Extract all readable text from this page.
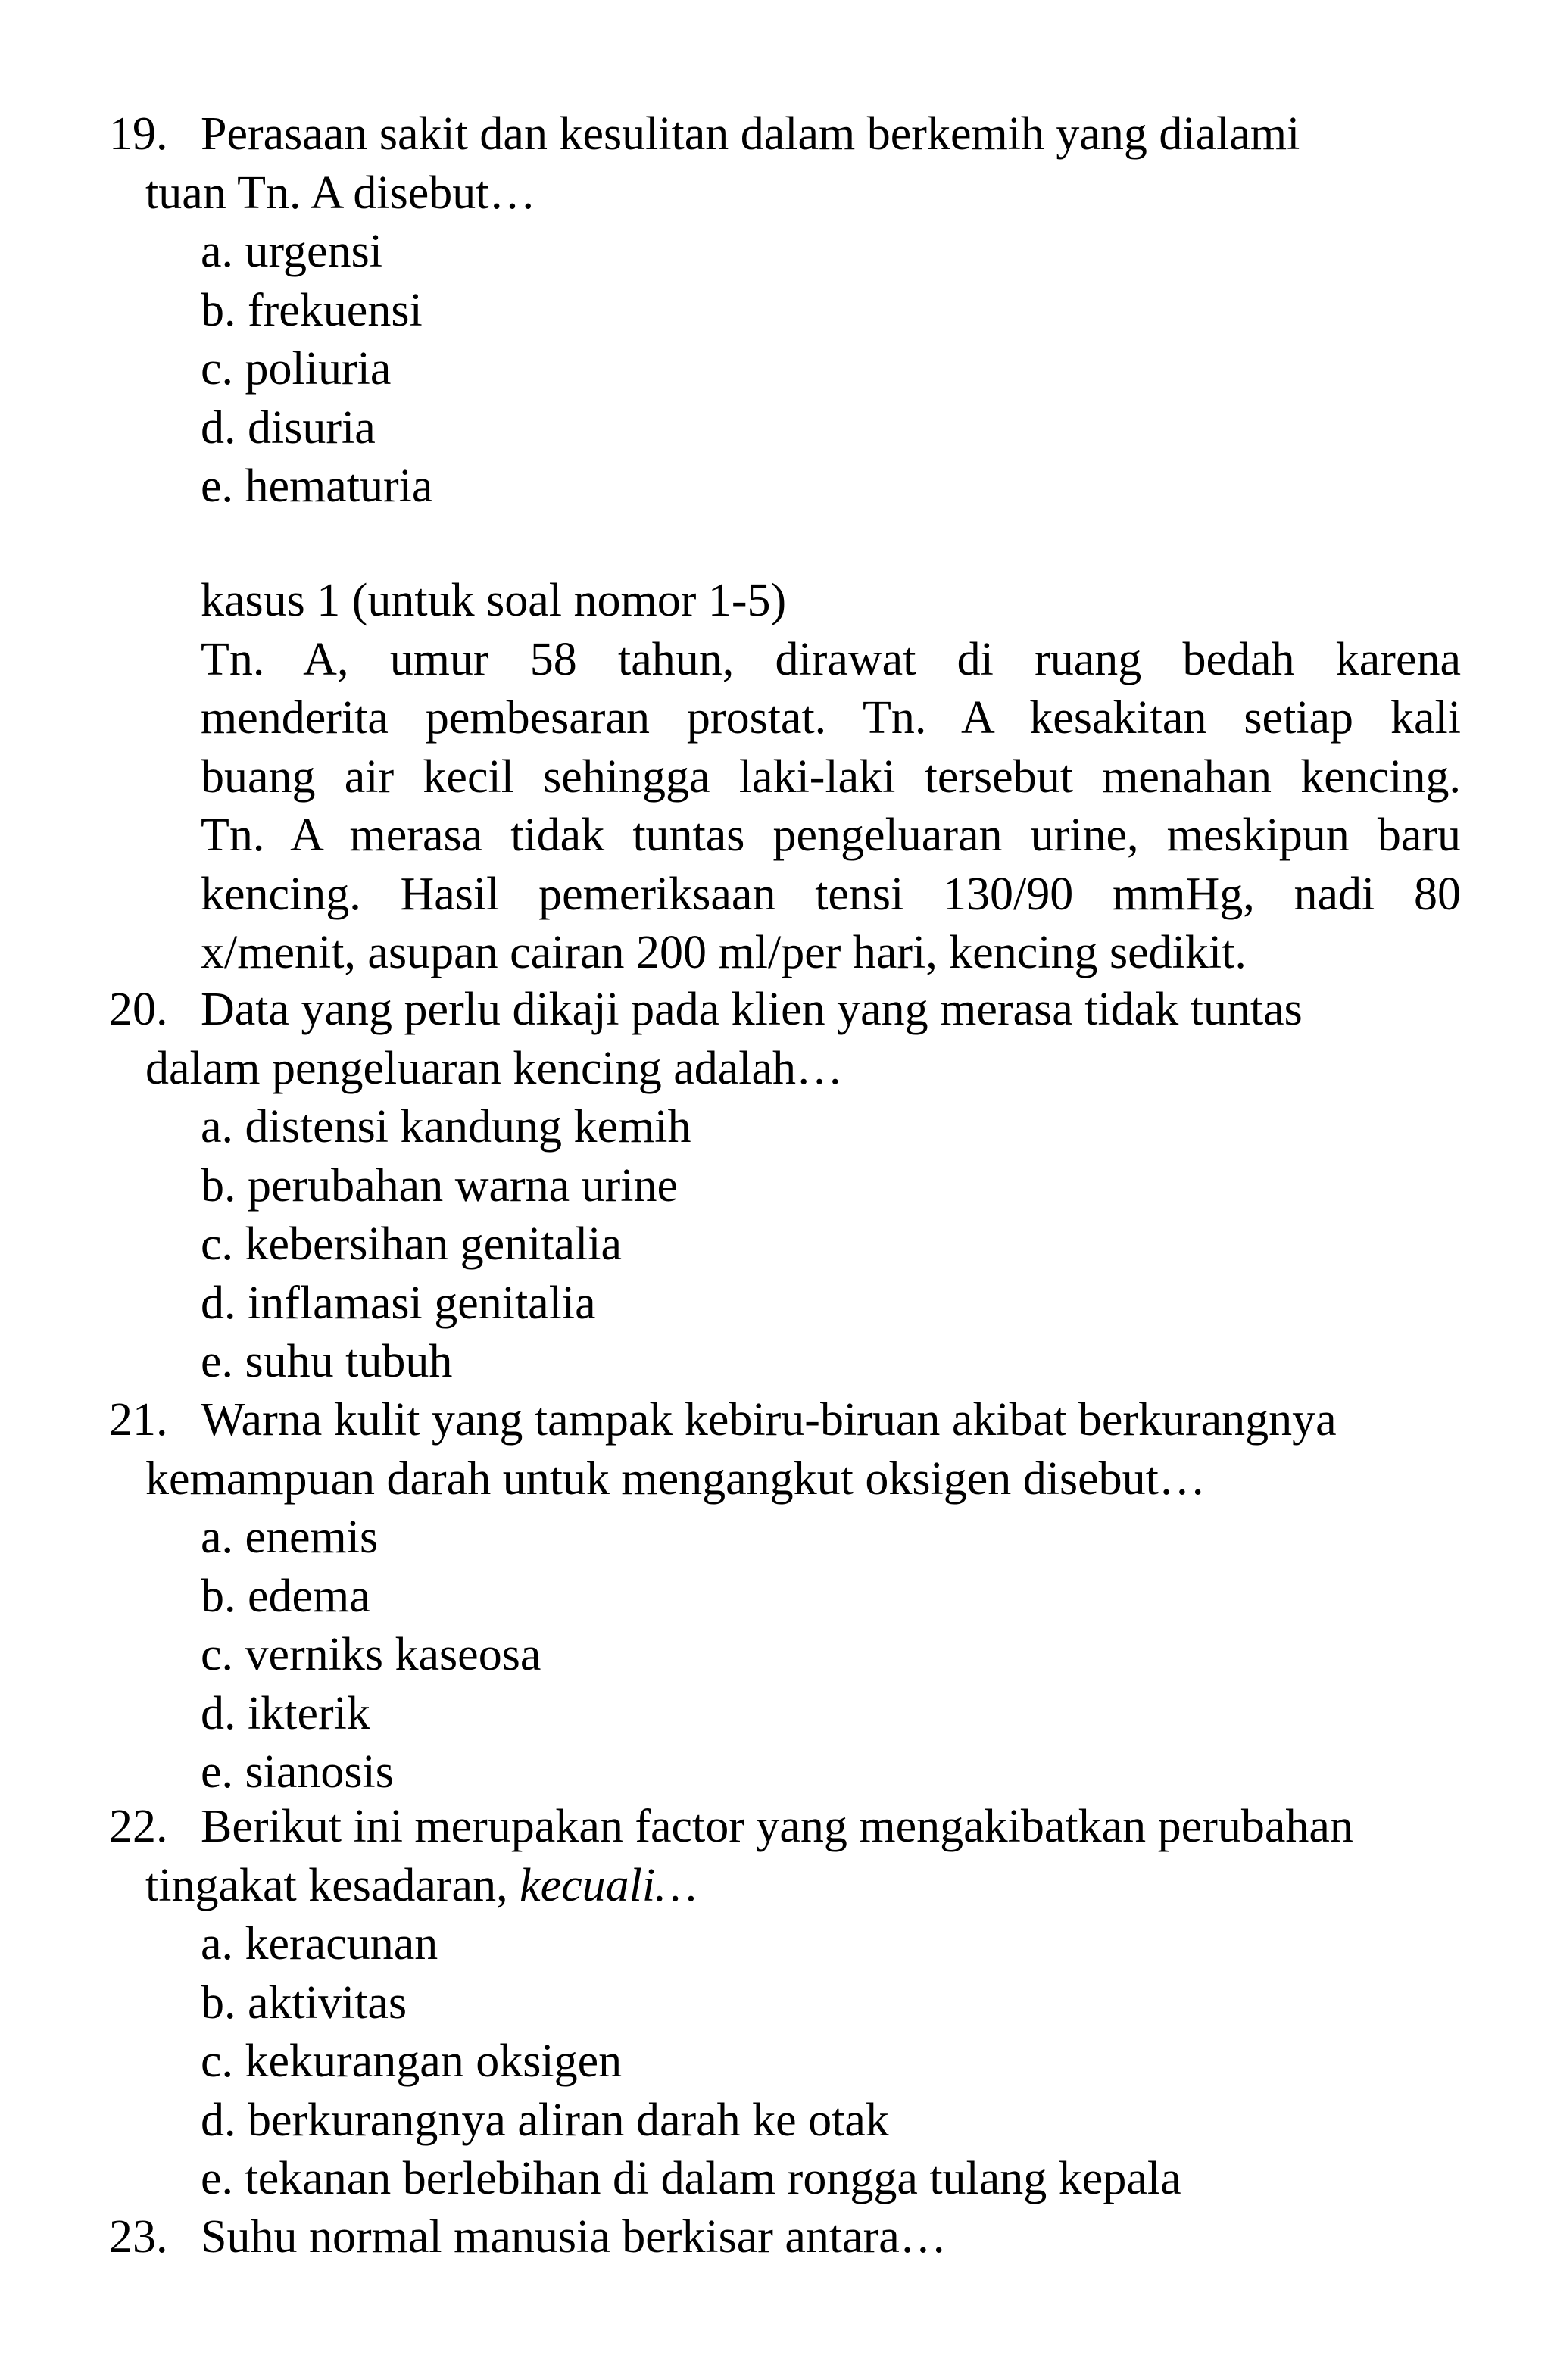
19. Perasaan sakit dan kesulitan dalam berkemih yang dialami
tuan Tn. A disebut…
a. urgensi
b. frekuensi
c. poliuria
d. disuria
e. hematuria
kasus 1 (untuk soal nomor 1-5)
Tn. A, umur 58 tahun, dirawat di ruang bedah karena
menderita pembesaran prostat. Tn. A kesakitan setiap kali
buang air kecil sehingga laki-laki tersebut menahan kencing.
Tn. A merasa tidak tuntas pengeluaran urine, meskipun baru
kencing. Hasil pemeriksaan tensi 130/90 mmHg, nadi 80
x/menit, asupan cairan 200 ml/per hari, kencing sedikit.
20. Data yang perlu dikaji pada klien yang merasa tidak tuntas
dalam pengeluaran kencing adalah…
a. distensi kandung kemih
b. perubahan warna urine
c. kebersihan genitalia
d. inflamasi genitalia
e. suhu tubuh
21. Warna kulit yang tampak kebiru-biruan akibat berkurangnya
kemampuan darah untuk mengangkut oksigen disebut…
a. enemis
b. edema
c. verniks kaseosa
d. ikterik
e. sianosis
22. Berikut ini merupakan factor yang mengakibatkan perubahan
tingakat kesadaran, kecuali…
a. keracunan
b. aktivitas
c. kekurangan oksigen
d. berkurangnya aliran darah ke otak
e. tekanan berlebihan di dalam rongga tulang kepala
23. Suhu normal manusia berkisar antara…
